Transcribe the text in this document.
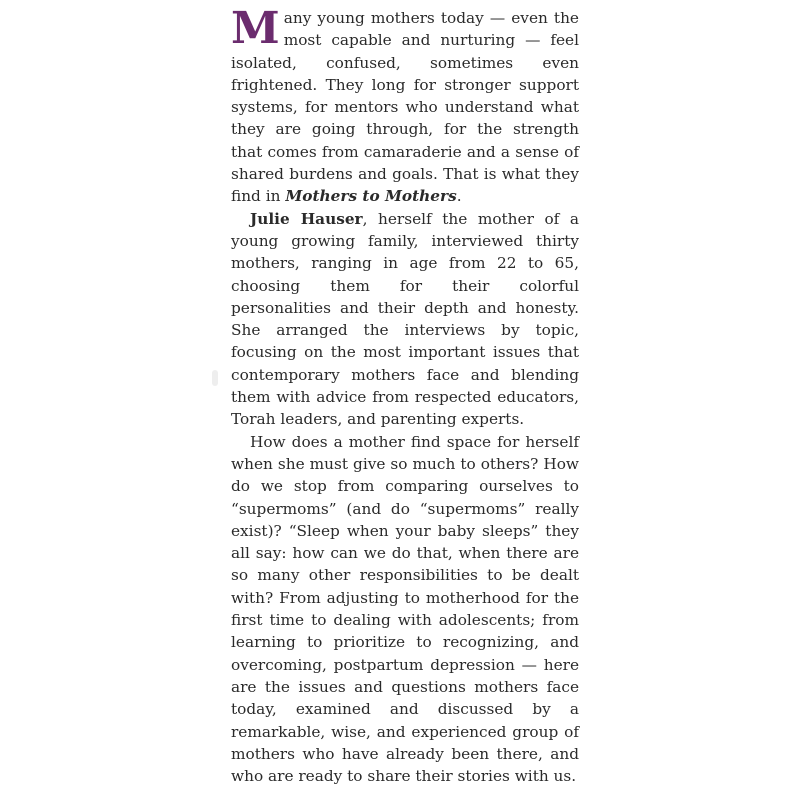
Many young mothers today — even the most capable and nurturing — feel isolated, confused, sometimes even frightened. They long for stronger support systems, for mentors who understand what they are going through, for the strength that comes from camaraderie and a sense of shared burdens and goals. That is what they find in Mothers to Mothers.

Julie Hauser, herself the mother of a young growing family, interviewed thirty mothers, ranging in age from 22 to 65, choosing them for their colorful personalities and their depth and honesty. She arranged the interviews by topic, focusing on the most important issues that contemporary mothers face and blending them with advice from respected educators, Torah leaders, and parenting experts.

How does a mother find space for herself when she must give so much to others? How do we stop from comparing ourselves to “supermoms” (and do “supermoms” really exist)? “Sleep when your baby sleeps” they all say: how can we do that, when there are so many other responsibilities to be dealt with? From adjusting to motherhood for the first time to dealing with adolescents; from learning to prioritize to recognizing, and overcoming, postpartum depression — here are the issues and questions mothers face today, examined and discussed by a remarkable, wise, and experienced group of mothers who have already been there, and who are ready to share their stories with us.
